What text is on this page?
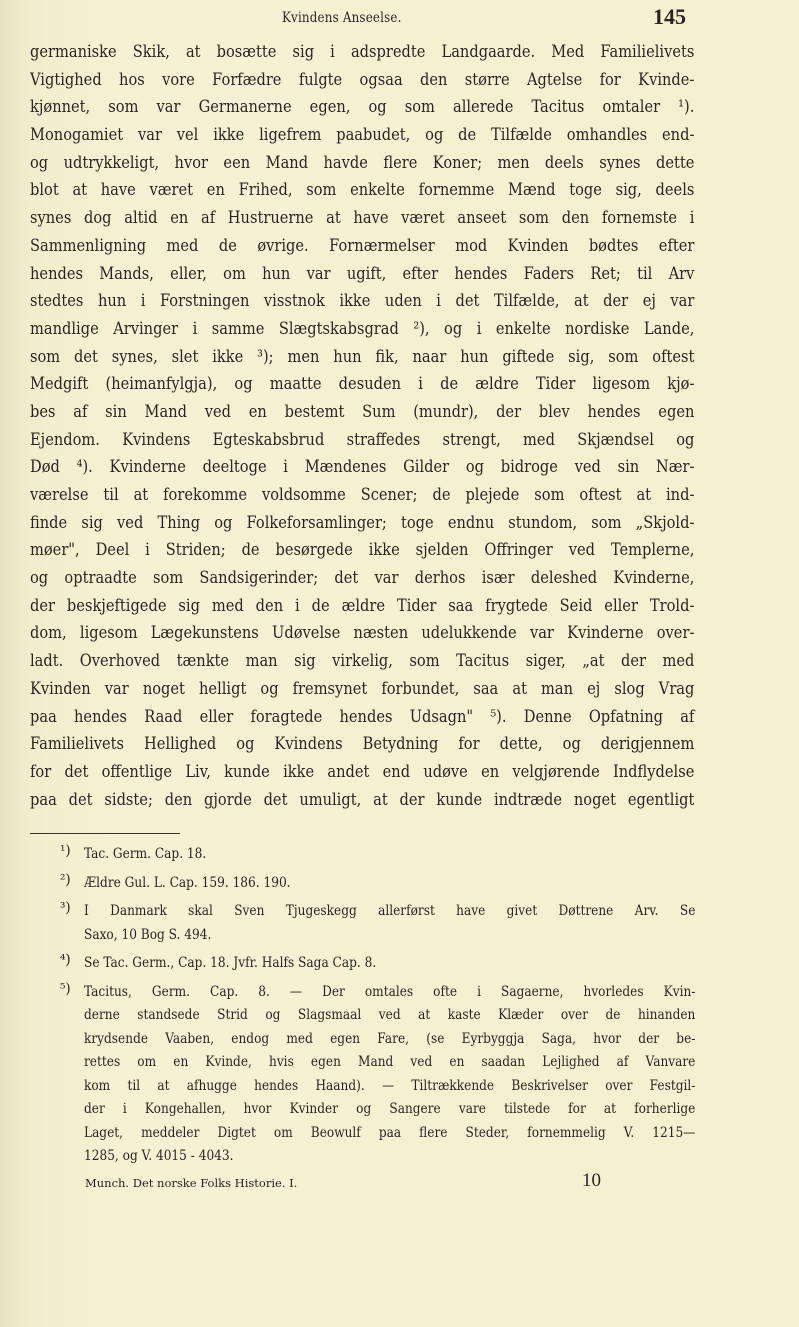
Kvindens Anseelse.	145
germaniske Skik, at bosætte sig i adspredte Landgaarde. Med Familielivets
Vigtighed hos vore Forfædre fulgte ogsaa den større Agtelse for Kvinde-
kjønnet, som var Germanerne egen, og som allerede Tacitus omtaler ¹).
Monogamiet var vel ikke ligefrem paabudet, og de Tilfælde omhandles end-
og udtrykkeligt, hvor een Mand havde flere Koner; men deels synes dette
blot at have været en Frihed, som enkelte fornemme Mænd toge sig, deels
synes dog altid en af Hustruerne at have været anseet som den fornemste i
Sammenligning med de øvrige. Fornærmelser mod Kvinden bødtes efter
hendes Mands, eller, om hun var ugift, efter hendes Faders Ret; til Arv
stedtes hun i Forstningen visstnok ikke uden i det Tilfælde, at der ej var
mandlige Arvinger i samme Slægtskabsgrad ²), og i enkelte nordiske Lande,
som det synes, slet ikke ³); men hun fik, naar hun giftede sig, som oftest
Medgift (heimanfylgja), og maatte desuden i de ældre Tider ligesom kjø-
bes af sin Mand ved en bestemt Sum (mundr), der blev hendes egen
Ejendom. Kvindens Egteskabsbrud straffedes strengt, med Skjændsel og
Død ⁴). Kvinderne deeltoge i Mændenes Gilder og bidroge ved sin Nær-
værelse til at forekomme voldsomme Scener; de plejede som oftest at ind-
finde sig ved Thing og Folkeforsamlinger; toge endnu stundom, som „Skjold-
møer", Deel i Striden; de besørgede ikke sjelden Offringer ved Templerne,
og optraadte som Sandsigerinder; det var derhos især deleshed Kvinderne,
der beskjeftigede sig med den i de ældre Tider saa frygtede Seid eller Trold-
dom, ligesom Lægekunstens Udøvelse næsten udelukkende var Kvinderne over-
ladt. Overhoved tænkte man sig virkelig, som Tacitus siger, „at der med
Kvinden var noget helligt og fremsynet forbundet, saa at man ej slog Vrag
paa hendes Raad eller foragtede hendes Udsagn" ⁵). Denne Opfatning af
Familielivets Hellighed og Kvindens Betydning for dette, og derigjennem
for det offentlige Liv, kunde ikke andet end udøve en velgjørende Indflydelse
paa det sidste; den gjorde det umuligt, at der kunde indtræde noget egentligt
¹) Tac. Germ. Cap. 18.
²) Ældre Gul. L. Cap. 159. 186. 190.
³) I Danmark skal Sven Tjugeskegg allerførst have givet Døttrene Arv. Se
Saxo, 10 Bog S. 494.
⁴) Se Tac. Germ., Cap. 18. Jvfr. Halfs Saga Cap. 8.
⁵) Tacitus, Germ. Cap. 8. — Der omtales ofte i Sagaerne, hvorledes Kvin-
derne standsede Strid og Slagsmaal ved at kaste Klæder over de hinanden
krydsende Vaaben, endog med egen Fare, (se Eyrbyggja Saga, hvor der be-
rettes om en Kvinde, hvis egen Mand ved en saadan Lejlighed af Vanvare
kom til at afhugge hendes Haand). — Tiltrækkende Beskrivelser over Festgil-
der i Kongehallen, hvor Kvinder og Sangere vare tilstede for at forherlige
Laget, meddeler Digtet om Beowulf paa flere Steder, fornemmelig V. 1215—
1285, og V. 4015 - 4043.
Munch. Det norske Folks Historie. I.	10
